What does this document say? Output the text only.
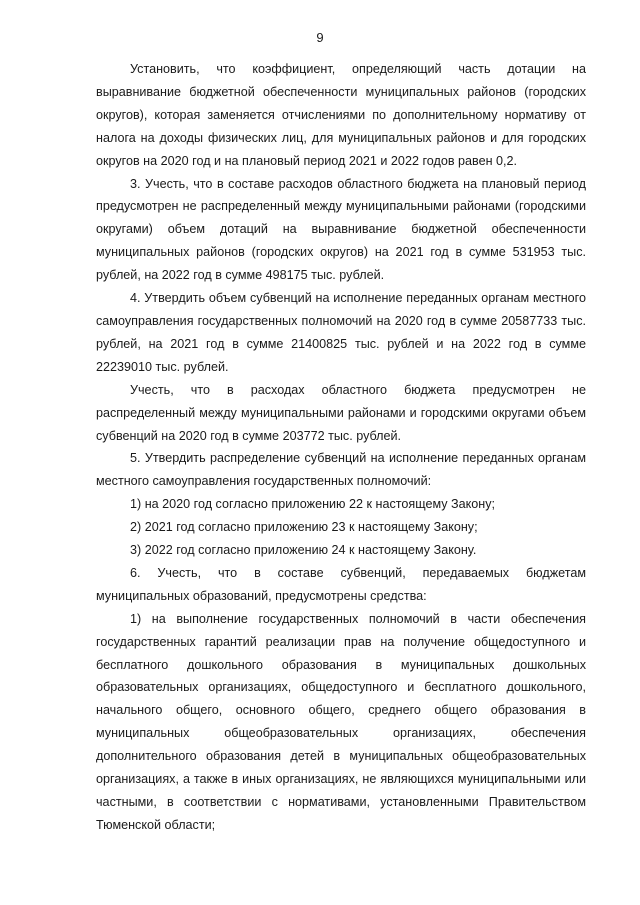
9

Установить, что коэффициент, определяющий часть дотации на выравнивание бюджетной обеспеченности муниципальных районов (городских округов), которая заменяется отчислениями по дополнительному нормативу от налога на доходы физических лиц, для муниципальных районов и для городских округов на 2020 год и на плановый период 2021 и 2022 годов равен 0,2.

3. Учесть, что в составе расходов областного бюджета на плановый период предусмотрен не распределенный между муниципальными районами (городскими округами) объем дотаций на выравнивание бюджетной обеспеченности муниципальных районов (городских округов) на 2021 год в сумме 531953 тыс. рублей, на 2022 год в сумме 498175 тыс. рублей.

4. Утвердить объем субвенций на исполнение переданных органам местного самоуправления государственных полномочий на 2020 год в сумме 20587733 тыс. рублей, на 2021 год в сумме 21400825 тыс. рублей и на 2022 год в сумме 22239010 тыс. рублей.

Учесть, что в расходах областного бюджета предусмотрен не распределенный между муниципальными районами и городскими округами объем субвенций на 2020 год в сумме 203772 тыс. рублей.

5. Утвердить распределение субвенций на исполнение переданных органам местного самоуправления государственных полномочий:

1) на 2020 год согласно приложению 22 к настоящему Закону;

2) 2021 год согласно приложению 23 к настоящему Закону;

3) 2022 год согласно приложению 24 к настоящему Закону.

6. Учесть, что в составе субвенций, передаваемых бюджетам муниципальных образований, предусмотрены средства:

1) на выполнение государственных полномочий в части обеспечения государственных гарантий реализации прав на получение общедоступного и бесплатного дошкольного образования в муниципальных дошкольных образовательных организациях, общедоступного и бесплатного дошкольного, начального общего, основного общего, среднего общего образования в муниципальных общеобразовательных организациях, обеспечения дополнительного образования детей в муниципальных общеобразовательных организациях, а также в иных организациях, не являющихся муниципальными или частными, в соответствии с нормативами, установленными Правительством Тюменской области;
